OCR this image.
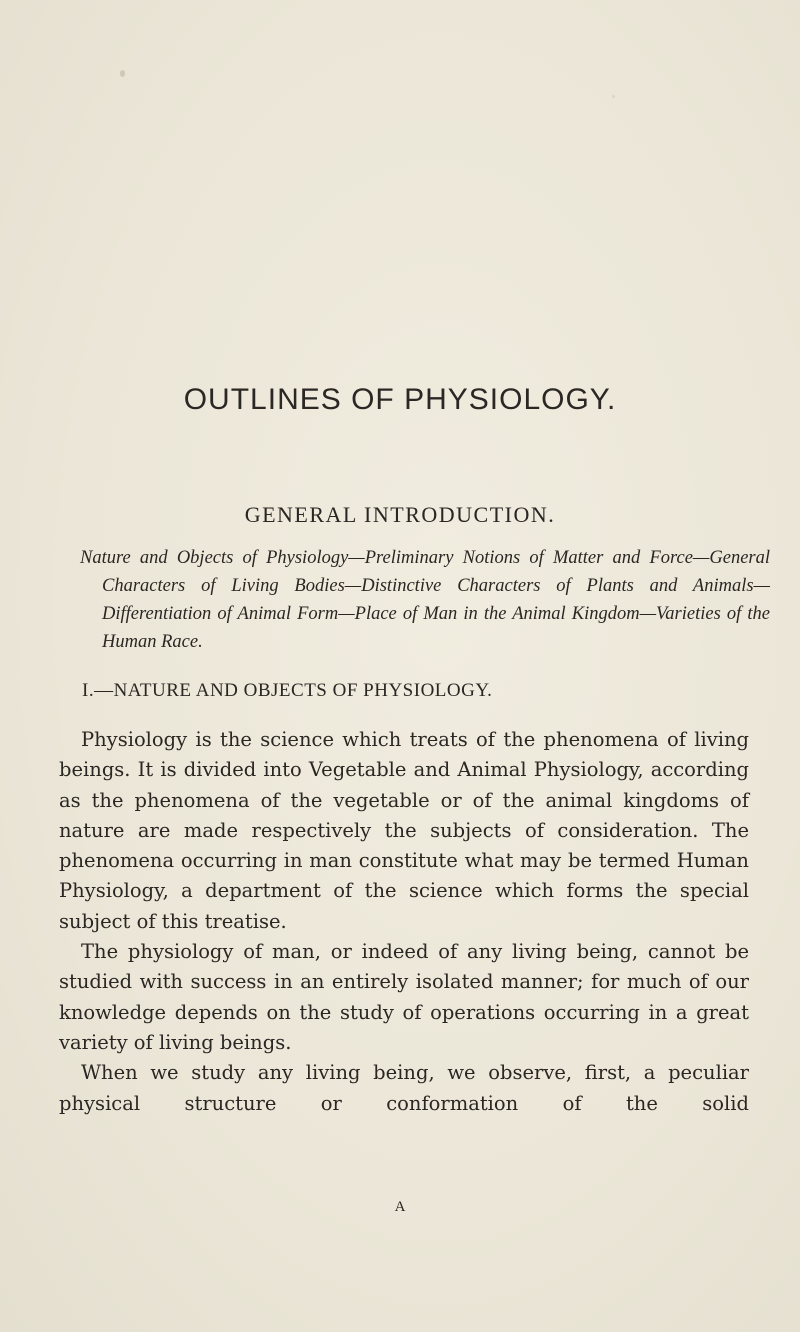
OUTLINES OF PHYSIOLOGY.
GENERAL INTRODUCTION.

Nature and Objects of Physiology—Preliminary Notions of Matter and Force—General Characters of Living Bodies—Distinctive Characters of Plants and Animals—Differentiation of Animal Form—Place of Man in the Animal Kingdom—Varieties of the Human Race.

I.—NATURE AND OBJECTS OF PHYSIOLOGY.

Physiology is the science which treats of the phenomena of living beings. It is divided into Vegetable and Animal Physiology, according as the phenomena of the vegetable or of the animal kingdoms of nature are made respectively the subjects of consideration. The phenomena occurring in man constitute what may be termed Human Physiology, a department of the science which forms the special subject of this treatise.

The physiology of man, or indeed of any living being, cannot be studied with success in an entirely isolated manner; for much of our knowledge depends on the study of operations occurring in a great variety of living beings.

When we study any living being, we observe, first, a peculiar physical structure or conformation of the solid

A
